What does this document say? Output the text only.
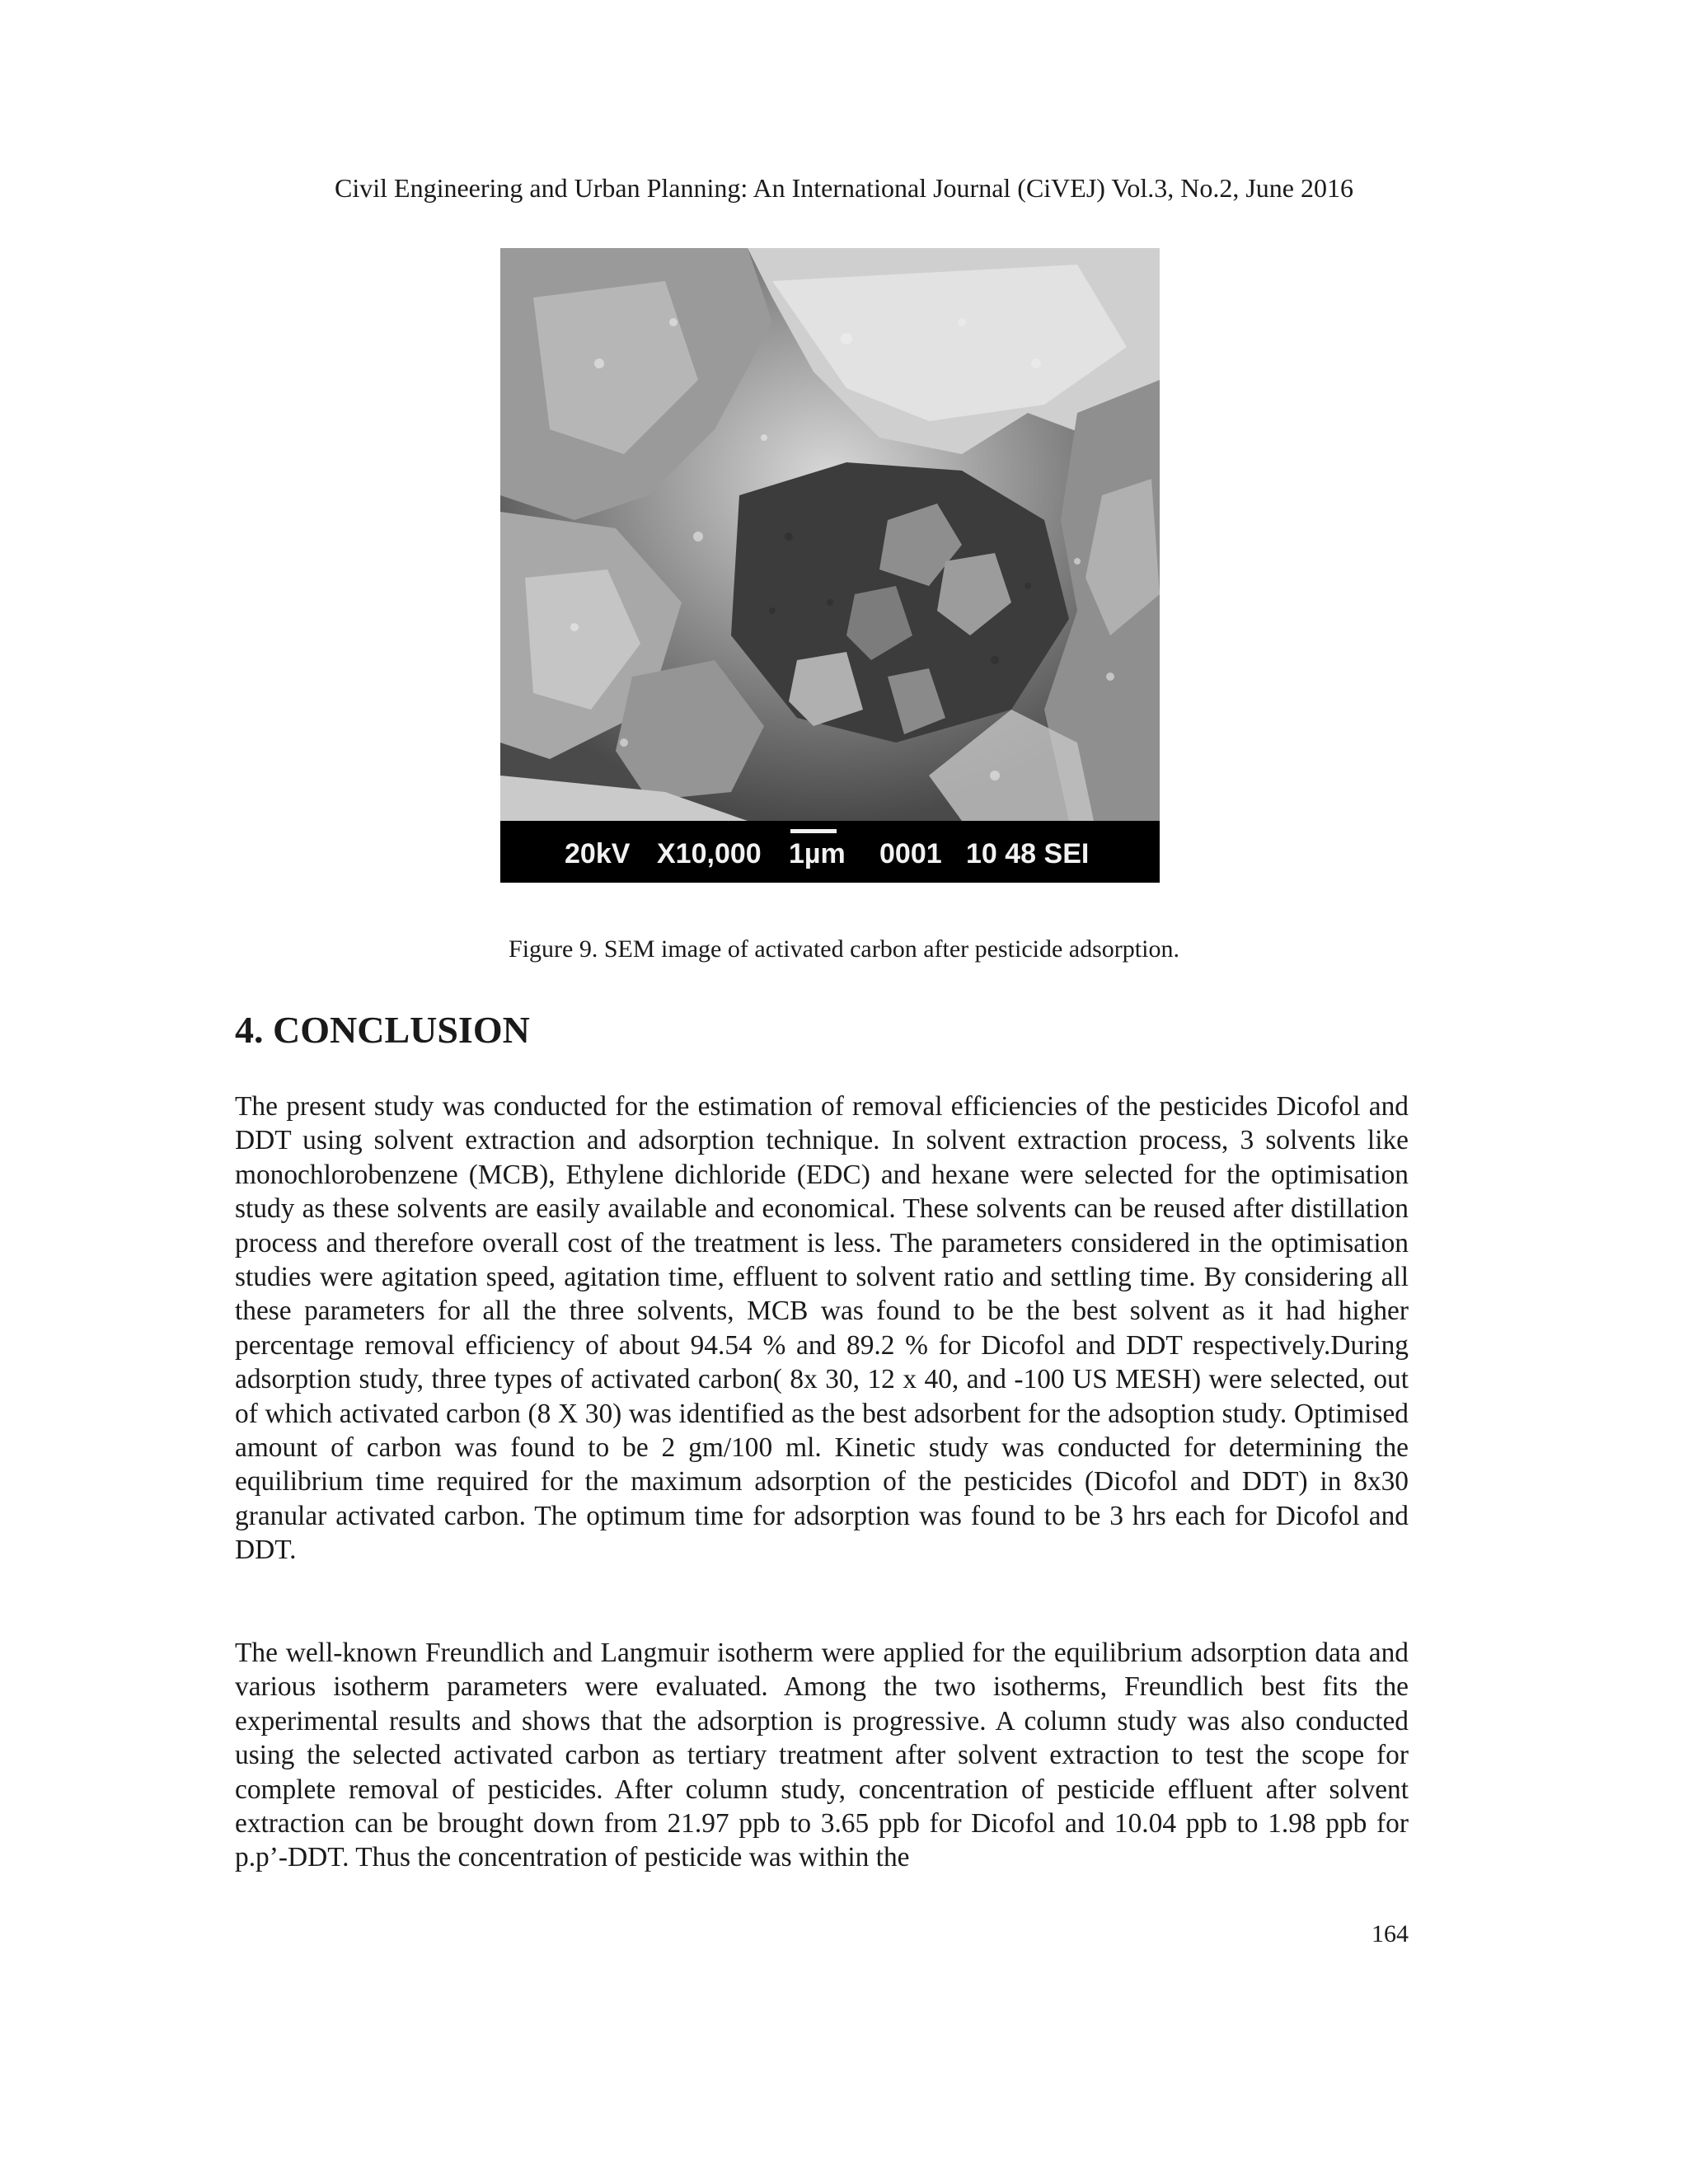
Civil Engineering and Urban Planning: An International Journal (CiVEJ) Vol.3, No.2, June 2016
20kV X10,000 1µm 0001 10 48 SEI
Figure 9. SEM image of activated carbon after pesticide adsorption.
4. CONCLUSION

The present study was conducted for the estimation of removal efficiencies of the pesticides Dicofol and DDT using solvent extraction and adsorption technique. In solvent extraction process, 3 solvents like monochlorobenzene (MCB), Ethylene dichloride (EDC) and hexane were selected for the optimisation study as these solvents are easily available and economical. These solvents can be reused after distillation process and therefore overall cost of the treatment is less. The parameters considered in the optimisation studies were agitation speed, agitation time, effluent to solvent ratio and settling time. By considering all these parameters for all the three solvents, MCB was found to be the best solvent as it had higher percentage removal efficiency of about 94.54 % and 89.2 % for Dicofol and DDT respectively.During adsorption study, three types of activated carbon( 8x 30, 12 x 40, and -100 US MESH) were selected, out of which activated carbon (8 X 30) was identified as the best adsorbent for the adsoption study. Optimised amount of carbon was found to be 2 gm/100 ml. Kinetic study was conducted for determining the equilibrium time required for the maximum adsorption of the pesticides (Dicofol and DDT) in 8x30 granular activated carbon. The optimum time for adsorption was found to be 3 hrs each for Dicofol and DDT.

The well-known Freundlich and Langmuir isotherm were applied for the equilibrium adsorption data and various isotherm parameters were evaluated. Among the two isotherms, Freundlich best fits the experimental results and shows that the adsorption is progressive. A column study was also conducted using the selected activated carbon as tertiary treatment after solvent extraction to test the scope for complete removal of pesticides. After column study, concentration of pesticide effluent after solvent extraction can be brought down from 21.97 ppb to 3.65 ppb for Dicofol and 10.04 ppb to 1.98 ppb for p.p’-DDT. Thus the concentration of pesticide was within the

164
